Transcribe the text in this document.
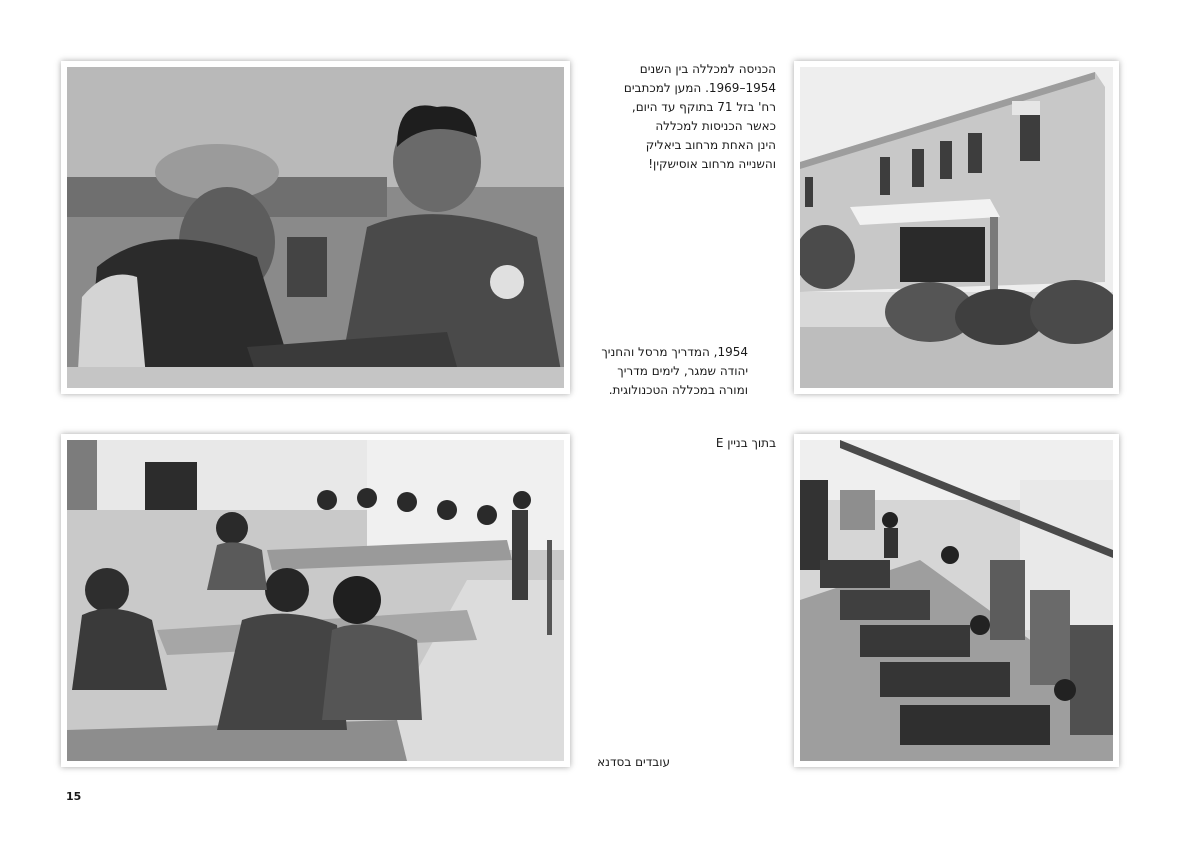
הכניסה למכללה בין השנים
1954–1969. המען למכתבים
רח' בזל 71 בתוקף עד היום,
כאשר הכניסות למכללה
הינן האחת מרחוב ביאליק
והשנייה מרחוב אוסישקין!
1954, המדריך מרסל והחניך
יהודה שמגר, לימים מדריך
ומורה במכללה הטכנולוגית.
בתוך בניין E
עובדים בסדנא
15
